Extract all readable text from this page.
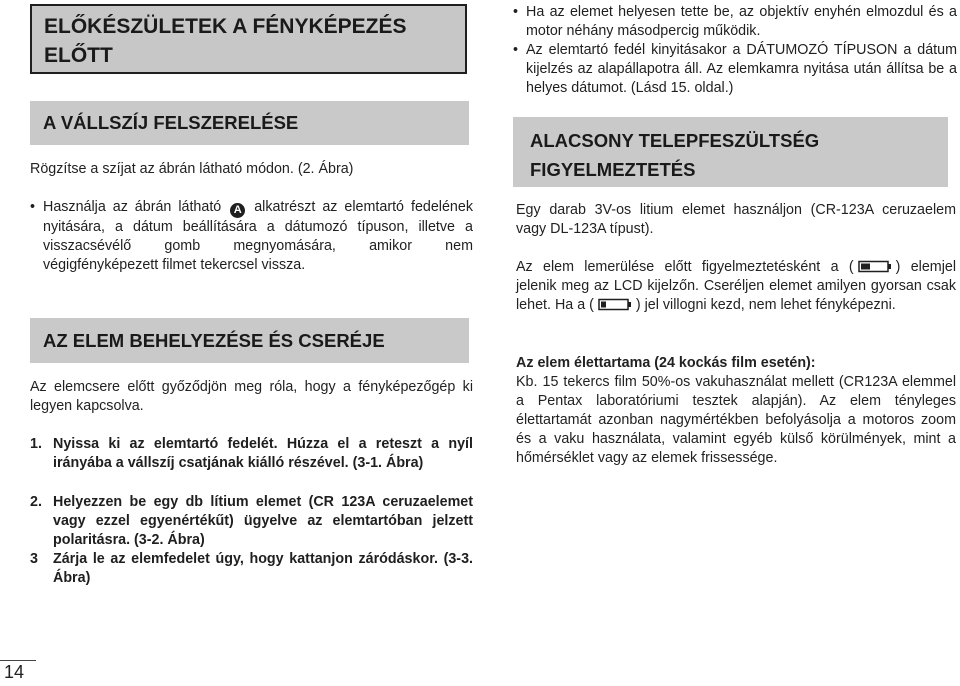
ELŐKÉSZÜLETEK A FÉNYKÉPEZÉS ELŐTT
A VÁLLSZÍJ FELSZERELÉSE
Rögzítse a szíjat az ábrán látható módon. (2. Ábra)
• Használja az ábrán látható A alkatrészt az elemtartó fedelének nyitására, a dátum beállítására a dátumozó típuson, illetve a visszacsévélő gomb megnyomására, amikor nem végigfényképezett filmet tekercsel vissza.
AZ ELEM BEHELYEZÉSE ÉS CSERÉJE
Az elemcsere előtt győződjön meg róla, hogy a fényképezőgép ki legyen kapcsolva.
1. Nyissa ki az elemtartó fedelét. Húzza el a reteszt a nyíl irányába a vállszíj csatjának kiálló részével. (3-1. Ábra)
2. Helyezzen be egy db lítium elemet (CR 123A ceruzaelemet vagy ezzel egyenértékűt) ügyelve az elemtartóban jelzett polaritásra. (3-2. Ábra)
3 Zárja le az elemfedelet úgy, hogy kattanjon záródáskor. (3-3. Ábra)
• Ha az elemet helyesen tette be, az objektív enyhén elmozdul és a motor néhány másodpercig működik.
• Az elemtartó fedél kinyitásakor a DÁTUMOZÓ TÍPUSON a dátum kijelzés az alapállapotra áll. Az elemkamra nyitása után állítsa be a helyes dátumot. (Lásd 15. oldal.)
ALACSONY TELEPFESZÜLTSÉG FIGYELMEZTETÉS
Egy darab 3V-os litium elemet használjon (CR-123A ceruzaelem vagy DL-123A típust).
Az elem lemerülése előtt figyelmeztetésként a (	) elemjel jelenik meg az LCD kijelzőn. Cseréljen elemet amilyen gyorsan csak lehet. Ha a (	) jel villogni kezd, nem lehet fényképezni.
Az elem élettartama (24 kockás film esetén):
Kb. 15 tekercs film 50%-os vakuhasználat mellett (CR123A elemmel a Pentax laboratóriumi tesztek alapján). Az elem tényleges élettartamát azonban nagymértékben befolyásolja a motoros zoom és a vaku használata, valamint egyéb külső körülmények, mint a hőmérséklet vagy az elemek frissessége.
14
